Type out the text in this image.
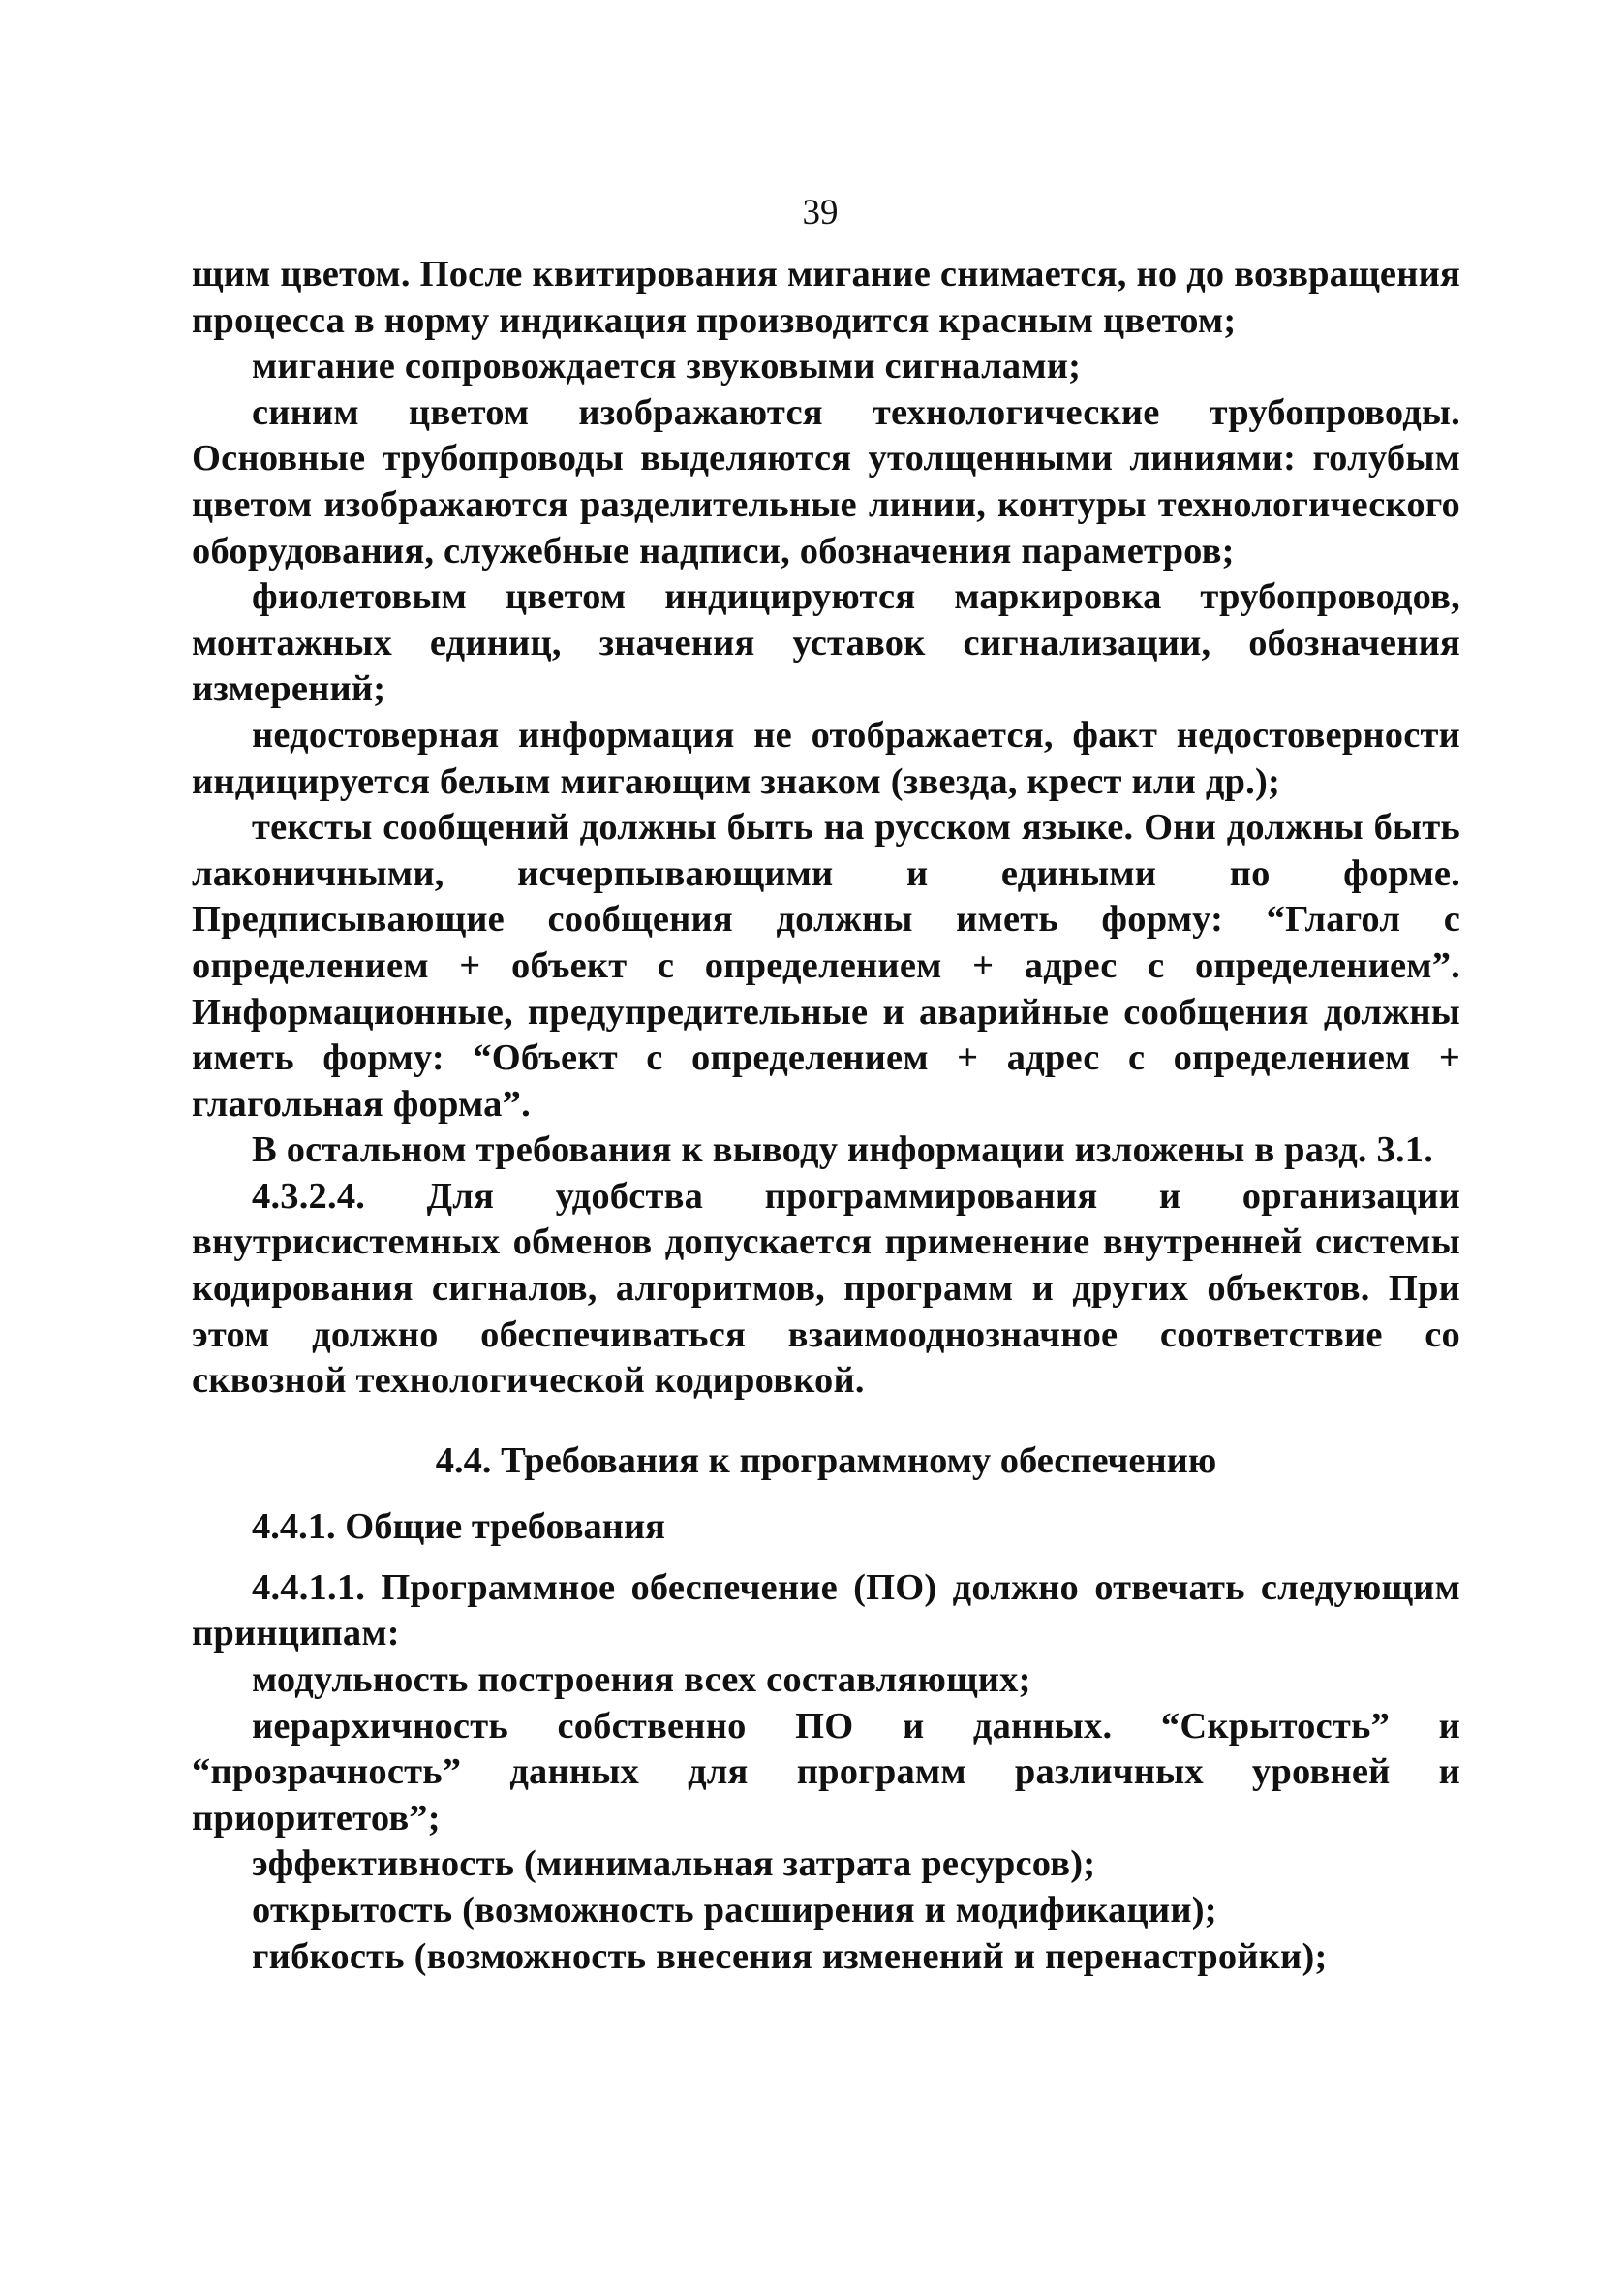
39

щим цветом. После квитирования мигание снимается, но до возвращения процесса в норму индикация производится красным цветом;

мигание сопровождается звуковыми сигналами;

синим цветом изображаются технологические трубопроводы. Основные трубопроводы выделяются утолщенными линиями: голубым цветом изображаются разделительные линии, контуры технологического оборудования, служебные надписи, обозначения параметров;

фиолетовым цветом индицируются маркировка трубопроводов, монтажных единиц, значения уставок сигнализации, обозначения измерений;

недостоверная информация не отображается, факт недостоверности индицируется белым мигающим знаком (звезда, крест или др.);

тексты сообщений должны быть на русском языке. Они должны быть лаконичными, исчерпывающими и едиными по форме. Предписывающие сообщения должны иметь форму: “Глагол с определением + объект с определением + адрес с определением”. Информационные, предупредительные и аварийные сообщения должны иметь форму: “Объект с определением + адрес с определением + глагольная форма”.

В остальном требования к выводу информации изложены в разд. 3.1.

4.3.2.4. Для удобства программирования и организации внутрисистемных обменов допускается применение внутренней системы кодирования сигналов, алгоритмов, программ и других объектов. При этом должно обеспечиваться взаимооднозначное соответствие со сквозной технологической кодировкой.

4.4. Требования к программному обеспечению
4.4.1. Общие требования

4.4.1.1. Программное обеспечение (ПО) должно отвечать следующим принципам:

модульность построения всех составляющих;

иерархичность собственно ПО и данных. “Скрытость” и “прозрачность” данных для программ различных уровней и приоритетов”;

эффективность (минимальная затрата ресурсов);

открытость (возможность расширения и модификации);

гибкость (возможность внесения изменений и перенастройки);
